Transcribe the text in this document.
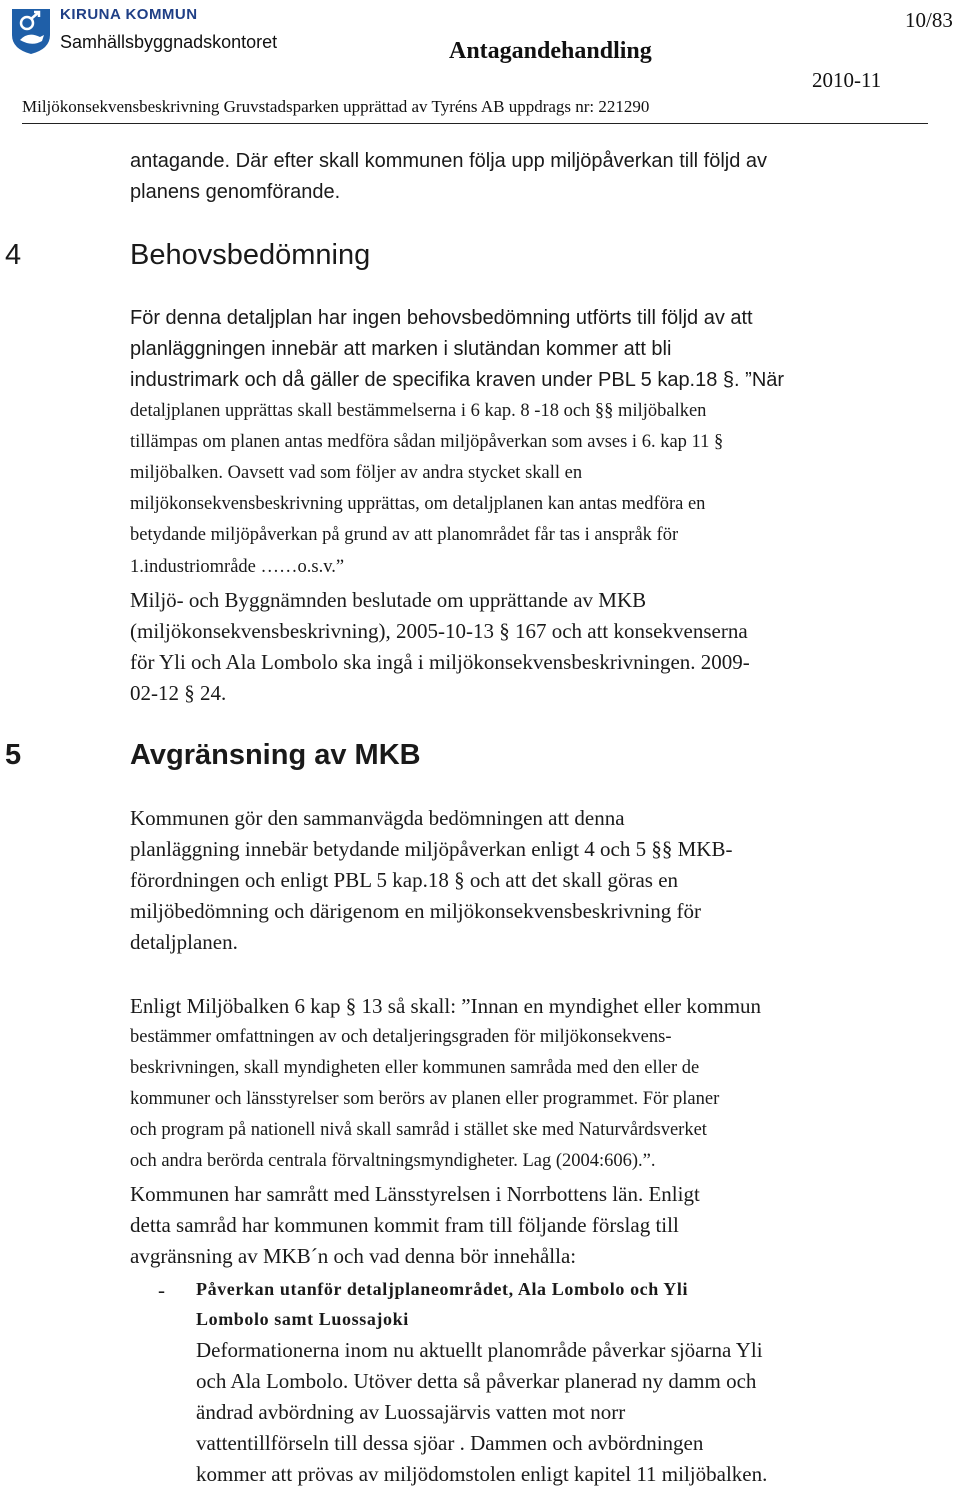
KIRUNA KOMMUN
Samhällsbyggnadskontoret	Antagandehandling
10/83
2010-11
Miljökonsekvensbeskrivning Gruvstadsparken upprättad av Tyréns AB uppdrags nr: 221290
antagande. Där efter skall kommunen följa upp miljöpåverkan till följd av
planens genomförande.
4	Behovsbedömning
För denna detaljplan har ingen behovsbedömning utförts till följd av att
planläggningen innebär att marken i slutändan kommer att bli
industrimark och då gäller de specifika kraven under PBL 5 kap.18 §. ”När
detaljplanen upprättas skall bestämmelserna i 6 kap. 8 -18 och §§ miljöbalken
tillämpas om planen antas medföra sådan miljöpåverkan som avses i 6. kap 11 §
miljöbalken. Oavsett vad som följer av andra stycket skall en
miljökonsekvensbeskrivning upprättas, om detaljplanen kan antas medföra en
betydande miljöpåverkan på grund av att planområdet får tas i anspråk för
1.industriområde ……o.s.v.”
Miljö- och Byggnämnden beslutade om upprättande av MKB
(miljökonsekvensbeskrivning), 2005-10-13 § 167 och att konsekvenserna
för Yli och Ala Lombolo ska ingå i miljökonsekvensbeskrivningen. 2009-
02-12 § 24.
5	Avgränsning av MKB
Kommunen gör den sammanvägda bedömningen att denna
planläggning innebär betydande miljöpåverkan enligt 4 och 5 §§ MKB-
förordningen och enligt PBL 5 kap.18 § och att det skall göras en
miljöbedömning och därigenom en miljökonsekvensbeskrivning för
detaljplanen.
Enligt Miljöbalken 6 kap § 13 så skall: ”Innan en myndighet eller kommun
bestämmer omfattningen av och detaljeringsgraden för miljökonsekvens-
beskrivningen, skall myndigheten eller kommunen samråda med den eller de
kommuner och länsstyrelser som berörs av planen eller programmet. För planer
och program på nationell nivå skall samråd i stället ske med Naturvårdsverket
och andra berörda centrala förvaltningsmyndigheter. Lag (2004:606).”.
Kommunen har samrått med Länsstyrelsen i Norrbottens län. Enligt
detta samråd har kommunen kommit fram till följande förslag till
avgränsning av MKB´n och vad denna bör innehålla:
- Påverkan utanför detaljplaneområdet, Ala Lombolo och Yli
Lombolo samt Luossajoki
Deformationerna inom nu aktuellt planområde påverkar sjöarna Yli
och Ala Lombolo. Utöver detta så påverkar planerad ny damm och
ändrad avbördning av Luossajärvis vatten mot norr
vattentillförseln till dessa sjöar . Dammen och avbördningen
kommer att prövas av miljödomstolen enligt kapitel 11 miljöbalken.
